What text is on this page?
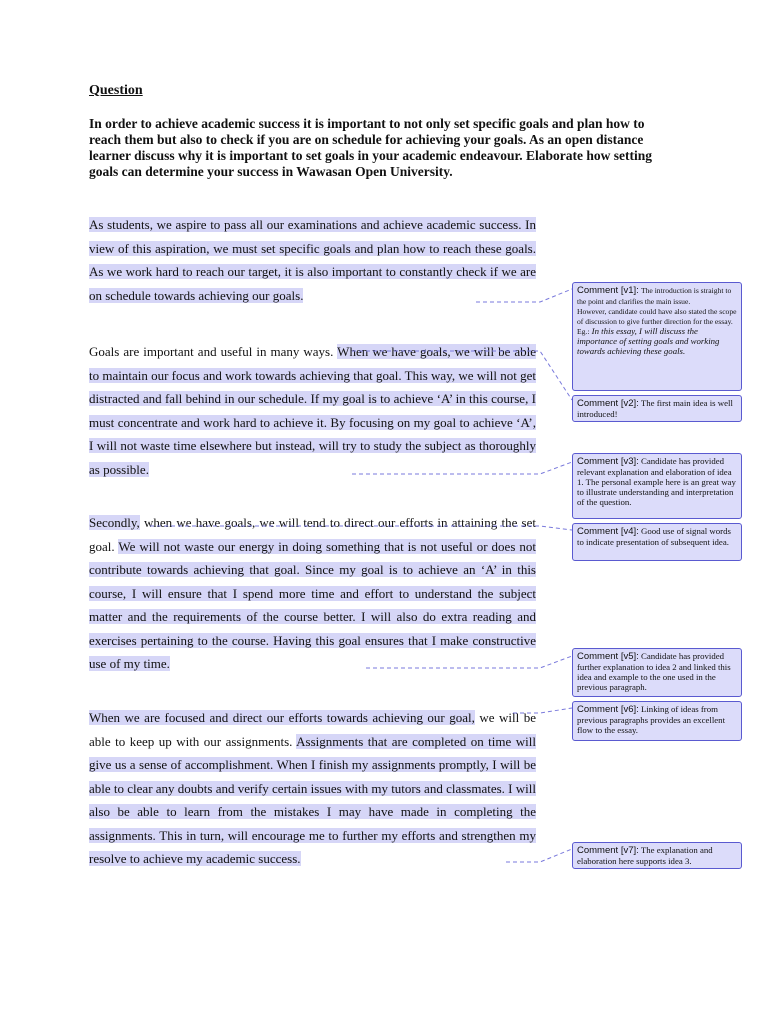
Question
In order to achieve academic success it is important to not only set specific goals and plan how to reach them but also to check if you are on schedule for achieving your goals. As an open distance learner discuss why it is important to set goals in your academic endeavour. Elaborate how setting goals can determine your success in Wawasan Open University.
As students, we aspire to pass all our examinations and achieve academic success. In view of this aspiration, we must set specific goals and plan how to reach these goals. As we work hard to reach our target, it is also important to constantly check if we are on schedule towards achieving our goals.
Goals are important and useful in many ways. When we have goals, we will be able to maintain our focus and work towards achieving that goal. This way, we will not get distracted and fall behind in our schedule. If my goal is to achieve ‘A’ in this course, I must concentrate and work hard to achieve it. By focusing on my goal to achieve ‘A’, I will not waste time elsewhere but instead, will try to study the subject as thoroughly as possible.
Secondly, when we have goals, we will tend to direct our efforts in attaining the set goal. We will not waste our energy in doing something that is not useful or does not contribute towards achieving that goal. Since my goal is to achieve an ‘A’ in this course, I will ensure that I spend more time and effort to understand the subject matter and the requirements of the course better. I will also do extra reading and exercises pertaining to the course. Having this goal ensures that I make constructive use of my time.
When we are focused and direct our efforts towards achieving our goal, we will be able to keep up with our assignments. Assignments that are completed on time will give us a sense of accomplishment. When I finish my assignments promptly, I will be able to clear any doubts and verify certain issues with my tutors and classmates. I will also be able to learn from the mistakes I may have made in completing the assignments. This in turn, will encourage me to further my efforts and strengthen my resolve to achieve my academic success.
Comment [v1]: The introduction is straight to the point and clarifies the main issue.
However, candidate could have also stated the scope of discussion to give further direction for the essay. Eg.: In this essay, I will discuss the importance of setting goals and working towards achieving these goals.
Comment [v2]: The first main idea is well introduced!
Comment [v3]: Candidate has provided relevant explanation and elaboration of idea 1. The personal example here is an great way to illustrate understanding and interpretation of the question.
Comment [v4]: Good use of signal words to indicate presentation of subsequent idea.
Comment [v5]: Candidate has provided further explanation to idea 2 and linked this idea and example to the one used in the previous paragraph.
Comment [v6]: Linking of ideas from previous paragraphs provides an excellent flow to the essay.
Comment [v7]: The explanation and elaboration here supports idea 3.
